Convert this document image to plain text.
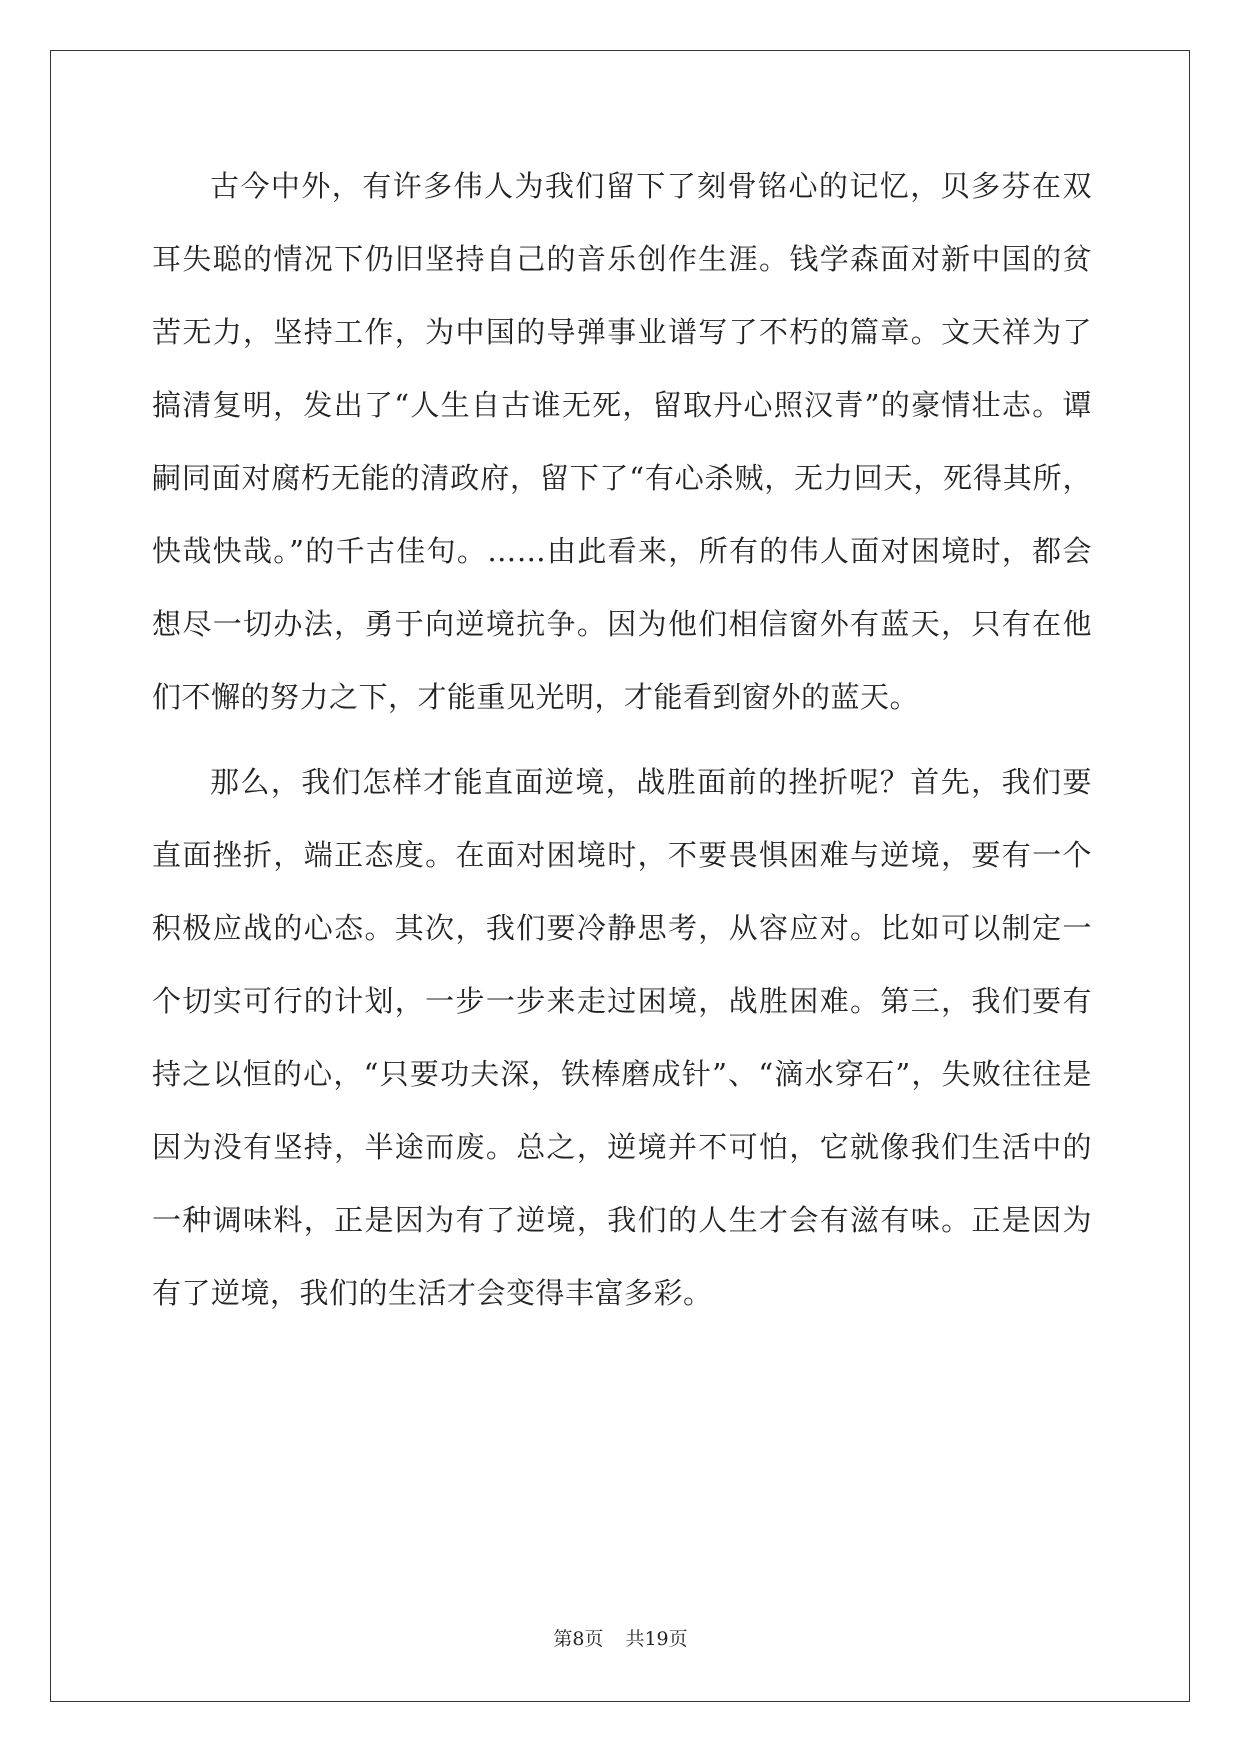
古今中外，有许多伟人为我们留下了刻骨铭心的记忆，贝多芬在双耳失聪的情况下仍旧坚持自己的音乐创作生涯。钱学森面对新中国的贫苦无力，坚持工作，为中国的导弹事业谱写了不朽的篇章。文天祥为了搞清复明，发出了“人生自古谁无死，留取丹心照汉青”的豪情壮志。谭嗣同面对腐朽无能的清政府，留下了“有心杀贼，无力回天，死得其所，快哉快哉。”的千古佳句。……由此看来，所有的伟人面对困境时，都会想尽一切办法，勇于向逆境抗争。因为他们相信窗外有蓝天，只有在他们不懈的努力之下，才能重见光明，才能看到窗外的蓝天。

那么，我们怎样才能直面逆境，战胜面前的挫折呢？首先，我们要直面挫折，端正态度。在面对困境时，不要畏惧困难与逆境，要有一个积极应战的心态。其次，我们要冷静思考，从容应对。比如可以制定一个切实可行的计划，一步一步来走过困境，战胜困难。第三，我们要有持之以恒的心，“只要功夫深，铁棒磨成针”、“滴水穿石”，失败往往是因为没有坚持，半途而废。总之，逆境并不可怕，它就像我们生活中的一种调味料，正是因为有了逆境，我们的人生才会有滋有味。正是因为有了逆境，我们的生活才会变得丰富多彩。

第8页 共19页
